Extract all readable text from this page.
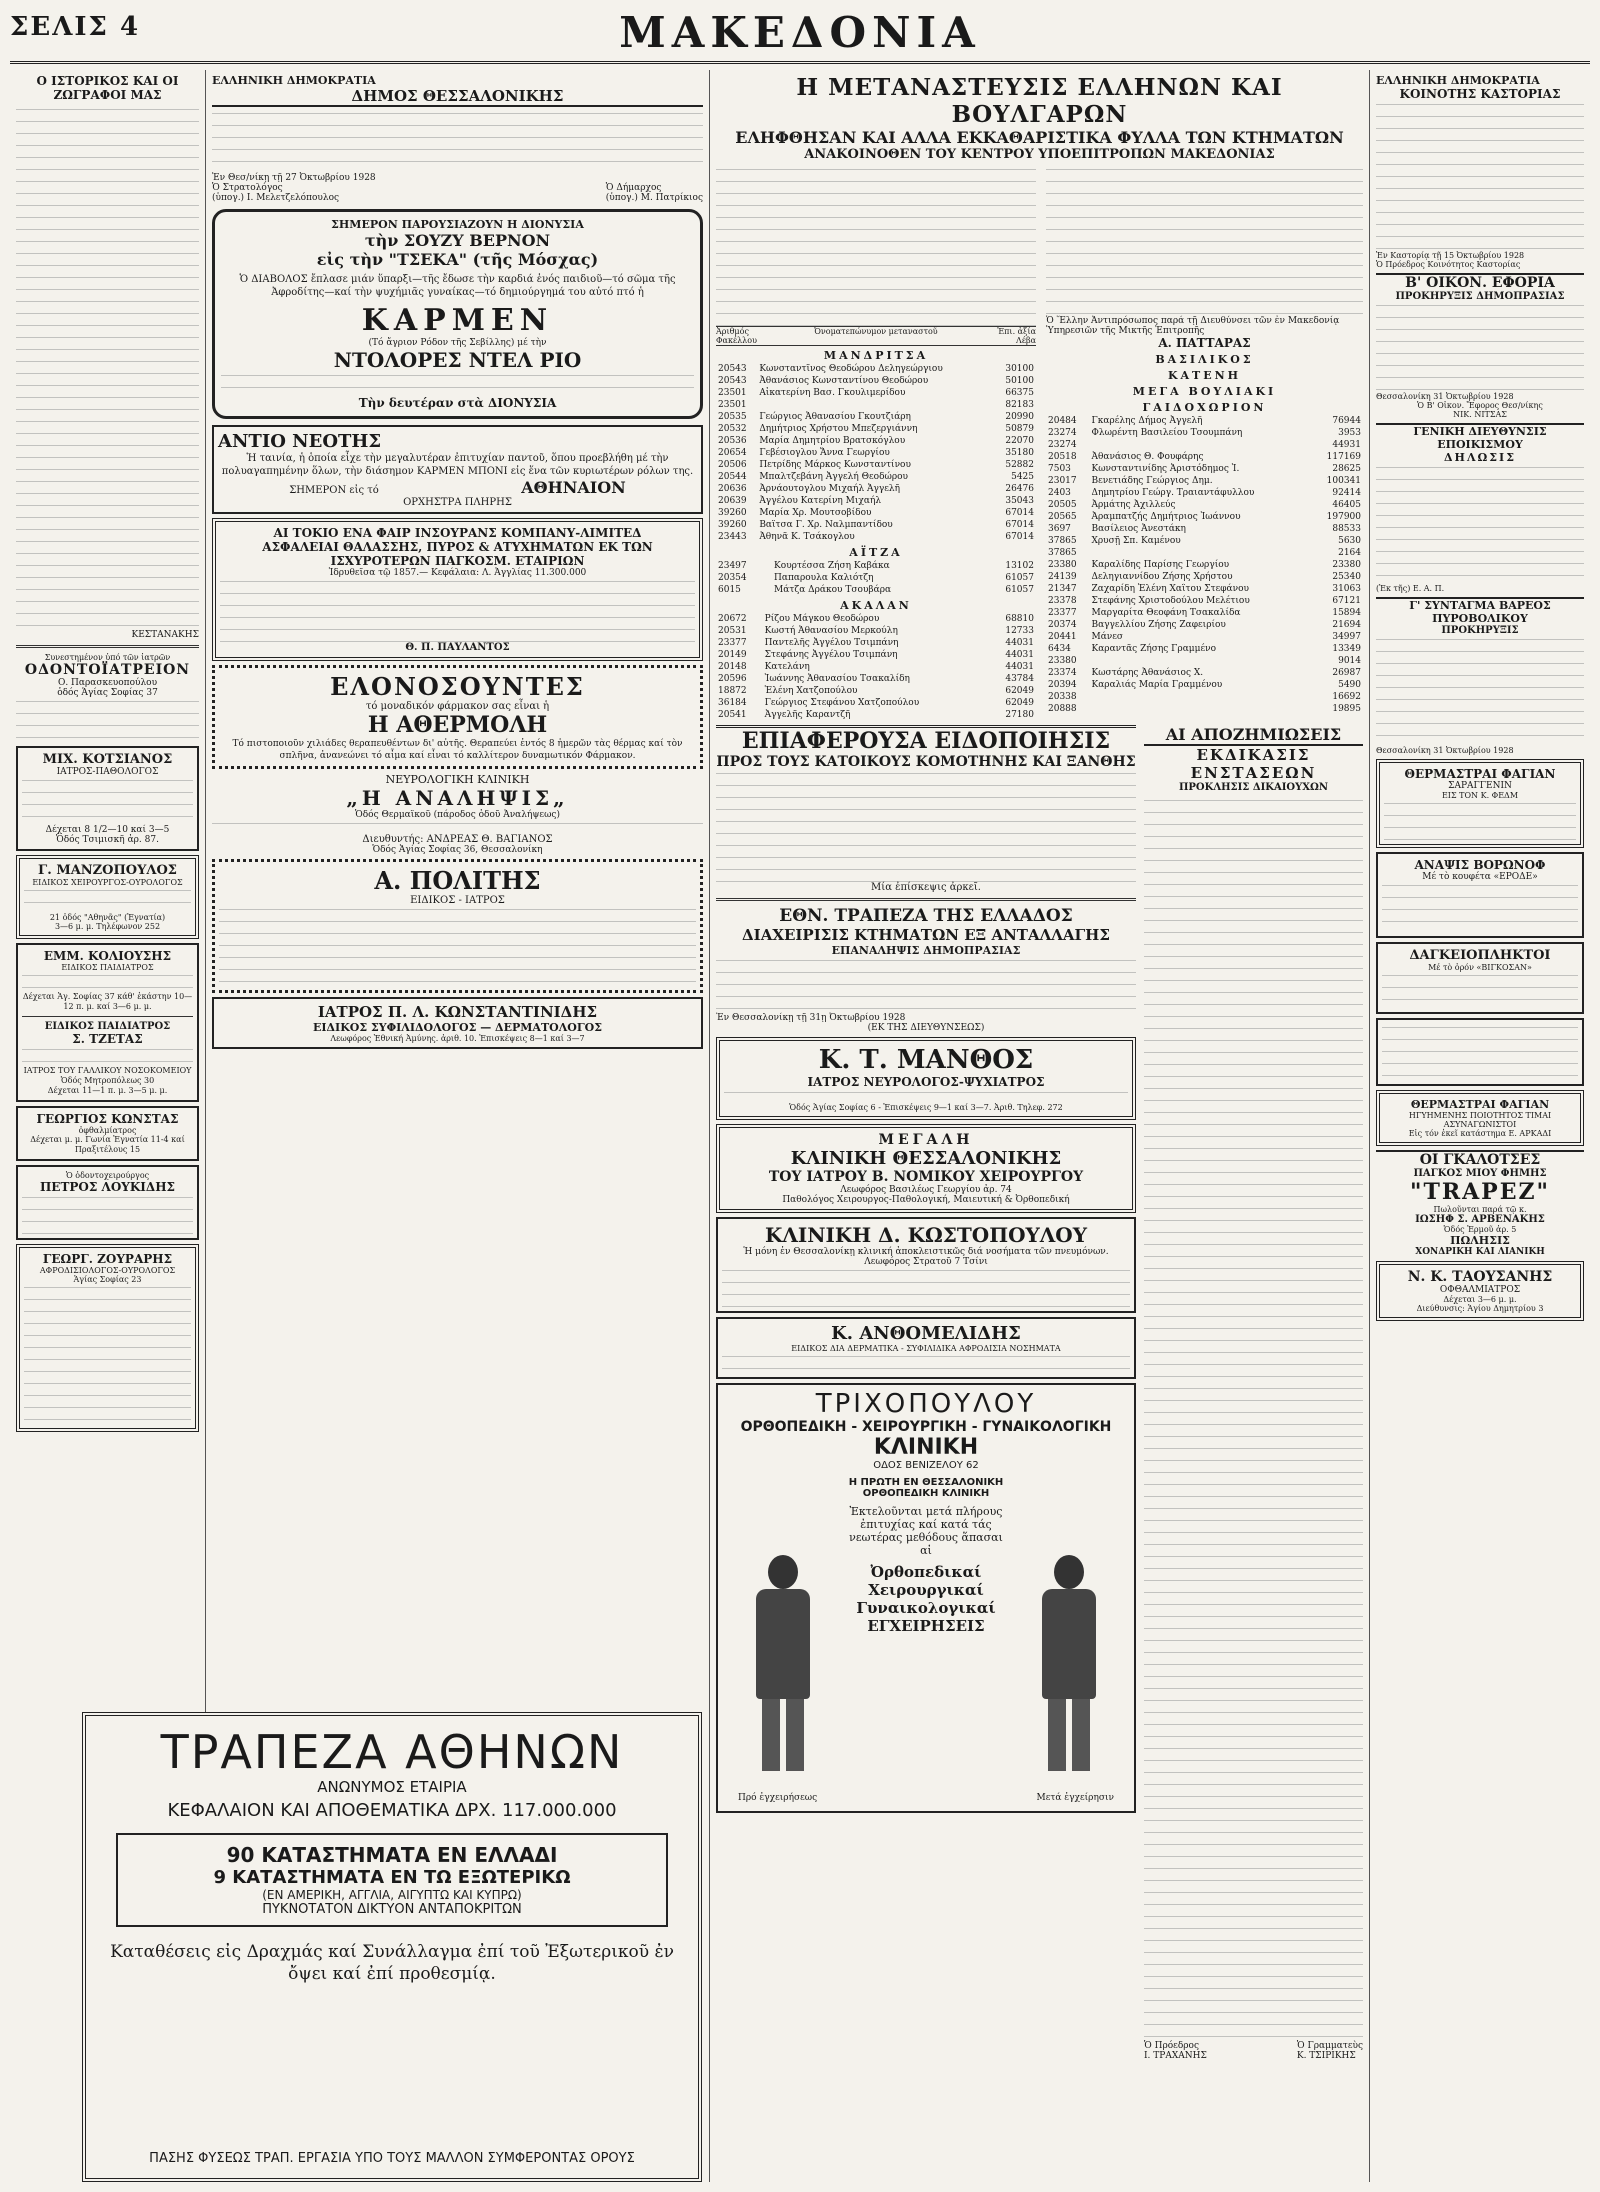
ΣΕΛΙΣ 4	ΜΑΚΕΔΟΝΙΑ
Ο ΙΣΤΟΡΙΚΟΣ ΚΑΙ ΟΙ ΖΩΓΡΑΦΟΙ ΜΑΣ
ΚΕΣΤΑΝΑΚΗΣ
Συνεστημένον ὑπό τῶν ἰατρῶν
ΟΔΟΝΤΟΪΑΤΡΕΙΟΝ
Ο. Παρασκευοπούλου
ὁδός Ἁγίας Σοφίας 37
ΜΙΧ. ΚΟΤΣΙΑΝΟΣ
ΙΑΤΡΟΣ-ΠΑΘΟΛΟΓΟΣ
Δέχεται 8 1/2—10 καί 3—5
Ὁδός Τσιμισκῆ ἀρ. 87.
Γ. ΜΑΝΖΟΠΟΥΛΟΣ
ΕΙΔΙΚΟΣ ΧΕΙΡΟΥΡΓΟΣ-ΟΥΡΟΛΟΓΟΣ
21 ὁδός "Αθηνᾶς" (Ἐγνατία)
3—6 μ. μ. Τηλέφωνον 252
ΕΜΜ. ΚΟΛΙΟΥΣΗΣ
ΕΙΔΙΚΟΣ ΠΑΙΔΙΑΤΡΟΣ
Δέχεται Ἁγ. Σοφίας 37 κάθ' ἑκάστην 10—12 π. μ. καί 3—6 μ. μ.
ΕΙΔΙΚΟΣ ΠΑΙΔΙΑΤΡΟΣ
Σ. ΤΖΕΤΑΣ
ΙΑΤΡΟΣ ΤΟΥ ΓΑΛΛΙΚΟΥ ΝΟΣΟΚΟΜΕΙΟΥ
Ὁδός Μητροπόλεως 30
Δέχεται 11—1 π. μ. 3—5 μ. μ.
ΓΕΩΡΓΙΟΣ ΚΩΝΣΤΑΣ
ὀφθαλμίατρος
Δέχεται μ. μ. Γωνία Ἐγνατία 11-4 καί Πραξιτέλους 15
Ὁ ὀδοντοχειρούργος
ΠΕΤΡΟΣ ΛΟΥΚΙΔΗΣ
ΓΕΩΡΓ. ΖΟΥΡΑΡΗΣ
ΑΦΡΟΔΙΣΙΟΛΟΓΟΣ-ΟΥΡΟΛΟΓΟΣ
Ἁγίας Σοφίας 23
ΕΛΛΗΝΙΚΗ ΔΗΜΟΚΡΑΤΙΑ
ΔΗΜΟΣ ΘΕΣΣΑΛΟΝΙΚΗΣ
Ἐν Θεσ/νίκῃ τῇ 27 Ὀκτωβρίου 1928
Ὁ Στρατολόγος
(ὑπογ.) Ι. Μελετζελόπουλος
Ὁ Δήμαρχος
(ὑπογ.) Μ. Πατρίκιος
ΣΗΜΕΡΟΝ ΠΑΡΟΥΣΙΑΖΟΥΝ Η ΔΙΟΝΥΣΙΑ
τὴν ΣΟΥΖΥ ΒΕΡΝΟΝ
εἰς τὴν "ΤΣΕΚΑ" (τῆς Μόσχας)
Ὁ ΔΙΑΒΟΛΟΣ ἔπλασε μιάν ὕπαρξι—τῆς ἔδωσε τὴν καρδιά ἑνός παιδιοῦ—τό σῶμα τῆς Ἀφροδίτης—καί τὴν ψυχήμιᾶς γυναίκας—τό δημιούργημά του αὐτό πτό ἡ
ΚΑΡΜΕΝ
(Τό ἄγριον Ρόδον τῆς Σεβίλλης) μέ τὴν
ΝΤΟΛΟΡΕΣ ΝΤΕΛ ΡΙΟ
Τὴν δευτέραν στὰ ΔΙΟΝΥΣΙΑ
ΑΝΤΙΟ ΝΕΟΤΗΣ
Ἡ ταινία, ἡ ὁποία εἶχε τὴν μεγαλυτέραν ἐπιτυχίαν παντοῦ, ὅπου προεβλήθη μέ τὴν πολυαγαπημένην ὅλων, τὴν διάσημον ΚΑΡΜΕΝ ΜΠΟΝΙ εἰς ἕνα τῶν κυριωτέρων ρόλων της.
ΣΗΜΕΡΟΝ εἰς τό	ΑΘΗΝΑΙΟΝ
ΟΡΧΗΣΤΡΑ ΠΛΗΡΗΣ
ΑΙ ΤΟΚΙΟ ΕΝΑ ΦΑΙΡ ΙΝΣΟΥΡΑΝΣ ΚΟΜΠΑΝΥ-ΛΙΜΙΤΕΔ
ΑΣΦΑΛΕΙΑΙ ΘΑΛΑΣΣΗΣ, ΠΥΡΟΣ & ΑΤΥΧΗΜΑΤΩΝ ΕΚ ΤΩΝ ΙΣΧΥΡΟΤΕΡΩΝ ΠΑΓΚΟΣΜ. ΕΤΑΙΡΙΩΝ
Ἱδρυθεῖσα τῷ 1857.— Κεφάλαια: Λ. Ἀγγλίας 11.300.000
Θ. Π. ΠΑΥΛΑΝΤΟΣ
ΕΛΟΝΟΣΟΥΝΤΕΣ
τό μοναδικόν φάρμακον σας εἶναι ἡ
Η ΑΘΕΡΜΟΛΗ
Τό πιστοποιοῦν χιλιάδες θεραπευθέντων δι' αὐτῆς. Θεραπεύει ἐντός 8 ἡμερῶν τὰς θέρμας καί τὸν σπλῆνα, ἀνανεώνει τό αἷμα καί εἶναι τό καλλίτερον δυναμωτικόν Φάρμακον.
ΝΕΥΡΟΛΟΓΙΚΗ ΚΛΙΝΙΚΗ
„Η ΑΝΑΛΗΨΙΣ„
Ὁδός Θερμαϊκοῦ (πάροδος ὁδοῦ Ἀναλήψεως)
Διευθυντής: ΑΝΔΡΕΑΣ Θ. ΒΑΓΙΑΝΟΣ
Ὁδός Ἁγίας Σοφίας 36, Θεσσαλονίκη
Α. ΠΟΛΙΤΗΣ
ΕΙΔΙΚΟΣ - ΙΑΤΡΟΣ
ΙΑΤΡΟΣ Π. Λ. ΚΩΝΣΤΑΝΤΙΝΙΔΗΣ
ΕΙΔΙΚΟΣ ΣΥΦΙΛΙΔΟΛΟΓΟΣ — ΔΕΡΜΑΤΟΛΟΓΟΣ
Λεωφόρος Ἐθνική Ἀμύνης. ἀριθ. 10. Ἐπισκέψεις 8—1 καί 3—7
ΤΡΑΠΕΖΑ ΑΘΗΝΩΝ
ΑΝΩΝΥΜΟΣ ΕΤΑΙΡΙΑ
ΚΕΦΑΛΑΙΟΝ ΚΑΙ ΑΠΟΘΕΜΑΤΙΚΑ ΔΡΧ. 117.000.000
90 ΚΑΤΑΣΤΗΜΑΤΑ ΕΝ ΕΛΛΑΔΙ
9 ΚΑΤΑΣΤΗΜΑΤΑ ΕΝ ΤΩ ΕΞΩΤΕΡΙΚΩ
(ΕΝ ΑΜΕΡΙΚΗ, ΑΓΓΛΙΑ, ΑΙΓΥΠΤΩ ΚΑΙ ΚΥΠΡΩ)
ΠΥΚΝΟΤΑΤΟΝ ΔΙΚΤΥΟΝ ΑΝΤΑΠΟΚΡΙΤΩΝ
Καταθέσεις εἰς Δραχμάς καί Συνάλλαγμα ἐπί τοῦ Ἐξωτερικοῦ ἐν ὄψει καί ἐπί προθεσμίᾳ.
ΠΑΣΗΣ ΦΥΣΕΩΣ ΤΡΑΠ. ΕΡΓΑΣΙΑ ΥΠΟ ΤΟΥΣ ΜΑΛΛΟΝ ΣΥΜΦΕΡΟΝΤΑΣ ΟΡΟΥΣ
Η ΜΕΤΑΝΑΣΤΕΥΣΙΣ ΕΛΛΗΝΩΝ ΚΑΙ ΒΟΥΛΓΑΡΩΝ
ΕΛΗΦΘΗΣΑΝ ΚΑΙ ΑΛΛΑ ΕΚΚΑΘΑΡΙΣΤΙΚΑ ΦΥΛΛΑ ΤΩΝ ΚΤΗΜΑΤΩΝ
ΑΝΑΚΟΙΝΟΘΕΝ ΤΟΥ ΚΕΝΤΡΟΥ ΥΠΟΕΠΙΤΡΟΠΩΝ ΜΑΚΕΔΟΝΙΑΣ
Ἀριθμός Φακέλλου
Ὀνοματεπώνυμον μεταναστοῦ	Ἐπι. ἀξία Λέβα
ΜΑΝΔΡΙΤΣΑ
20543	Κωνσταντῖνος Θεοδώρου Δεληγεώργιου	30100
20543	Ἀθανάσιος Κωνσταντίνου Θεοδώρου	50100
23501	Αἰκατερίνη Βασ. Γκουλιμερίδου	66375
23501		82183
20535	Γεώργιος Ἀθανασίου Γκουτζιάρη	20990
20532	Δημήτριος Χρήστου Μπεζεργιάννη	50879
20536	Μαρία Δημητρίου Βρατσκόγλου	22070
20654	Γεβέσιογλου Ἄννα Γεωργίου	35180
20506	Πετρίδης Μάρκος Κωνσταντίνου	52882
20544	Μπαλτζεβάνη Ἀγγελή Θεοδώρου	5425
20636	Ἀρνάουτογλου Μιχαήλ Ἀγγελῆ	26476
20639	Ἀγγέλου Κατερίνη Μιχαήλ	35043
39260	Μαρία Χρ. Μουτσοβίδου	67014
39260	Βαϊτσα Γ. Χρ. Ναλμπαντίδου	67014
23443	Ἀθηνᾶ Κ. Τσάκογλου	67014
ΑΪΤΖΑ
23497	Κουρτέσσα Ζήση Καβάκα	13102
20354	Παπαρουλα Καλιότζη	61057
6015	Μάτζα Δράκου Τσουβάρα	61057
ΑΚΑΛΑΝ
20672	Ρίζου Μάγκου Θεοδώρου	68810
20531	Κωστή Ἀθανασίου Μερκούλη	12733
23377	Παντελῆς Ἀγγέλου Τσιμπάνη	44031
20149	Στεφάνης Ἀγγέλου Τσιμπάνη	44031
20148	Κατελάνη	44031
20596	Ἰωάννης Ἀθανασίου Τσακαλίδη	43784
18872	Ἑλένη Χατζοπούλου	62049
36184	Γεώργιος Στεφάνου Χατζοπούλου	62049
20541	Ἀγγελῆς Καραντζῆ	27180
Ὁ Ἕλλην Ἀντιπρόσωπος παρά τῇ Διευθύνσει τῶν ἐν Μακεδονίᾳ Ὑπηρεσιῶν τῆς Μικτῆς Ἐπιτροπῆς
Α. ΠΑΤΤΑΡΑΣ
ΒΑΣΙΛΙΚΟΣ
ΚΑΤΕΝΗ
ΜΕΓΑ ΒΟΥΛΙΑΚΙ
ΓΑΙΔΟΧΩΡΙΟΝ
20484	Γκαρέλης Δήμος Ἀγγελῆ	76944
23274	Φλωρέντη Βασιλείου Τσουμπάνη	3953
23274		44931
20518	Ἀθανάσιος Θ. Φουφάρης	117169
7503	Κωνσταντινίδης Ἀριστόδημος Ἰ.	28625
23017	Βενετιάδης Γεώργιος Δημ.	100341
2403	Δημητρίου Γεώργ. Τραιαντάφυλλου	92414
20505	Ἀρμάτης Ἀχιλλεύς	46405
20565	Ἀραμπατζής Δημήτριος Ἰωάννου	197900
3697	Βασίλειος Ἀνεστάκη	88533
37865	Χρυσῇ Σπ. Καμένου	5630
37865		2164
23380	Καραλίδης Παρίσης Γεωργίου	23380
24139	Δεληγιαννίδου Ζήσης Χρήστου	25340
21347	Ζαχαρίδη Ἑλένη Χαΐτου Στεφάνου	31063
23378	Στεφάνης Χριστοδούλου Μελέτιου	67121
23377	Μαργαρίτα Θεοφάνη Τσακαλίδα	15894
20374	Βαγγελλίου Ζήσης Ζαφειρίου	21694
20441	Μάνεσ	34997
6434	Καραντᾶς Ζήσης Γραμμένο	13349
23380		9014
23374	Κωστάρης Ἀθανάσιος Χ.	26987
20394	Καραλιάς Μαρία Γραμμένου	5490
20338		16692
20888		19895
ΕΠΙΑΦΕΡΟΥΣΑ ΕΙΔΟΠΟΙΗΣΙΣ
ΠΡΟΣ ΤΟΥΣ ΚΑΤΟΙΚΟΥΣ ΚΟΜΟΤΗΝΗΣ ΚΑΙ ΞΑΝΘΗΣ
Μία ἐπίσκεψις ἀρκεῖ.
ΕΘΝ. ΤΡΑΠΕΖΑ ΤΗΣ ΕΛΛΑΔΟΣ
ΔΙΑΧΕΙΡΙΣΙΣ ΚΤΗΜΑΤΩΝ ΕΞ ΑΝΤΑΛΛΑΓΗΣ
ΕΠΑΝΑΛΗΨΙΣ ΔΗΜΟΠΡΑΣΙΑΣ
Ἐν Θεσσαλονίκῃ τῇ 31ῃ Ὀκτωβρίου 1928
(ΕΚ ΤΗΣ ΔΙΕΥΘΥΝΣΕΩΣ)
Κ. Τ. ΜΑΝΘΟΣ
ΙΑΤΡΟΣ ΝΕΥΡΟΛΟΓΟΣ-ΨΥΧΙΑΤΡΟΣ
Ὁδός Ἁγίας Σοφίας 6 - Ἐπισκέψεις 9—1 καί 3—7. Ἀριθ. Τηλεφ. 272
ΜΕΓΑΛΗ
ΚΛΙΝΙΚΗ ΘΕΣΣΑΛΟΝΙΚΗΣ
ΤΟΥ ΙΑΤΡΟΥ Β. ΝΟΜΙΚΟΥ ΧΕΙΡΟΥΡΓΟΥ
Λεωφόρος Βασιλέως Γεωργίου ἀρ. 74
Παθολόγος Χειρουργος-Παθολογική, Μαιευτική & Ὀρθοπεδική
ΚΛΙΝΙΚΗ Δ. ΚΩΣΤΟΠΟΥΛΟΥ
Ἡ μόνη ἐν Θεσσαλονίκῃ κλινική ἀποκλειστικῶς διά νοσήματα τῶν πνευμόνων.
Λεωφόρος Στρατοῦ 7 Τσίνι
Κ. ΑΝΘΟΜΕΛΙΔΗΣ
ΕΙΔΙΚΟΣ ΔΙΑ ΔΕΡΜΑΤΙΚΑ - ΣΥΦΙΛΙΔΙΚΑ ΑΦΡΟΔΙΣΙΑ ΝΟΣΗΜΑΤΑ
ΤΡΙΧΟΠΟΥΛΟΥ
ΟΡΘΟΠΕΔΙΚΗ - ΧΕΙΡΟΥΡΓΙΚΗ - ΓΥΝΑΙΚΟΛΟΓΙΚΗ
ΚΛΙΝΙΚΗ
ΟΔΟΣ ΒΕΝΙΖΕΛΟΥ 62
Η ΠΡΩΤΗ ΕΝ ΘΕΣΣΑΛΟΝΙΚΗ ΟΡΘΟΠΕΔΙΚΗ ΚΛΙΝΙΚΗ
Ἐκτελοῦνται μετά πλήρους ἐπιτυχίας καί κατά τάς νεωτέρας μεθόδους ἅπασαι αἱ
Ὀρθοπεδικαί Χειρουργικαί Γυναικολογικαί ΕΓΧΕΙΡΗΣΕΙΣ
Πρό ἐγχειρήσεως	Μετά ἐγχείρησιν
ΑΙ ΑΠΟΖΗΜΙΩΣΕΙΣ
ΕΚΔΙΚΑΣΙΣ ΕΝΣΤΑΣΕΩΝ
ΠΡΟΚΛΗΣΙΣ ΔΙΚΑΙΟΥΧΩΝ
Ὁ Πρόεδρος
Ι. ΤΡΑΧΑΝΗΣ
Ὁ Γραμματεὺς
Κ. ΤΣΙΡΙΚΗΣ
ΕΛΛΗΝΙΚΗ ΔΗΜΟΚΡΑΤΙΑ
ΚΟΙΝΟΤΗΣ ΚΑΣΤΟΡΙΑΣ
Ἐν Καστορίᾳ τῇ 15 Ὀκτωβρίου 1928
Ὁ Πρόεδρος Κοινότητος Καστορίας
Β' ΟΙΚΟΝ. ΕΦΟΡΙΑ
ΠΡΟΚΗΡΥΞΙΣ ΔΗΜΟΠΡΑΣΙΑΣ
Θεσσαλονίκη 31 Ὀκτωβρίου 1928
Ὁ Β' Οἰκον. Ἔφορος Θεσ/νίκης
ΝΙΚ. ΝΙΤΣΑΣ
ΓΕΝΙΚΗ ΔΙΕΥΘΥΝΣΙΣ ΕΠΟΙΚΙΣΜΟΥ
ΔΗΛΩΣΙΣ
(Ἐκ τῆς) Ε. Α. Π.
Γ' ΣΥΝΤΑΓΜΑ ΒΑΡΕΟΣ ΠΥΡΟΒΟΛΙΚΟΥ
ΠΡΟΚΗΡΥΞΙΣ
Θεσσαλονίκη 31 Ὀκτωβρίου 1928
ΘΕΡΜΑΣΤΡΑΙ ΦΑΓΙΑΝ
ΣΑΡΑΓΓΕΝΙΝ
ΕΙΣ ΤΟΝ Κ. ΦΕΔΜ
ΑΝΑΨΙΣ ΒΟΡΩΝΟΦ
Μέ τὸ κουφέτα «ΕΡΟΔΕ»
ΔΑΓΚΕΙΟΠΛΗΚΤΟΙ
Μέ τὸ ὀρόν «ΒΙΓΚΟΣΑΝ»
ΘΕΡΜΑΣΤΡΑΙ ΦΑΓΙΑΝ
ΗΓΥΗΜΕΝΗΣ ΠΟΙΟΤΗΤΟΣ ΤΙΜΑΙ ΑΣΥΝΑΓΩΝΙΣΤΟΙ
Εἰς τόν ἐκεῖ κατάστημα Ε. ΑΡΚΑΔΙ
ΟΙ ΓΚΑΛΟΤΣΕΣ
ΠΑΓΚΟΣ ΜΙΟΥ ΦΗΜΗΣ
"TRAPEZ"
Πωλοῦνται παρά τῷ κ.
ΙΩΣΗΦ Σ. ΑΡΒΕΝΑΚΗΣ
Ὁδός Ἑρμοῦ ἀρ. 5
ΠΩΛΗΣΙΣ
ΧΟΝΔΡΙΚΗ ΚΑΙ ΛΙΑΝΙΚΗ
Ν. Κ. ΤΑΟΥΣΑΝΗΣ
ΟΦΘΑΛΜΙΑΤΡΟΣ
Δέχεται 3—6 μ. μ.
Διεύθυνσις: Ἁγίου Δημητρίου 3
